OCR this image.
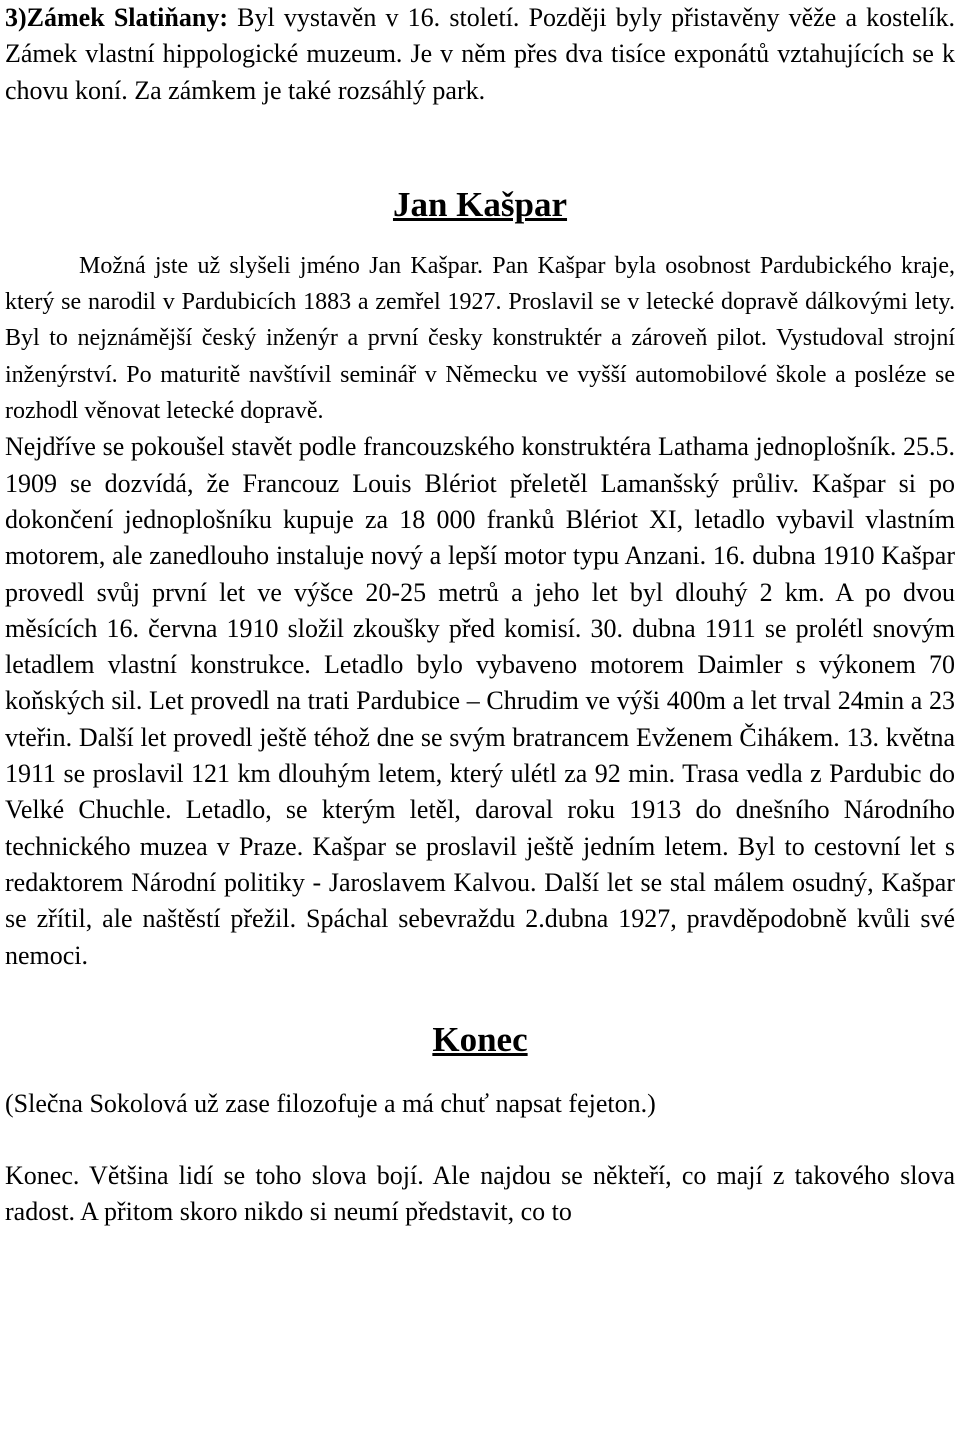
3)Zámek Slatiňany: Byl vystavěn v 16. století. Později byly přistavěny věže a kostelík. Zámek vlastní hippologické muzeum. Je v něm přes dva tisíce exponátů vztahujících se k chovu koní. Za zámkem je také rozsáhlý park.

Jan Kašpar

Možná jste už slyšeli jméno Jan Kašpar. Pan Kašpar byla osobnost Pardubického kraje, který se narodil v Pardubicích 1883 a zemřel 1927. Proslavil se v letecké dopravě dálkovými lety. Byl to nejznámější český inženýr a první česky konstruktér a zároveň pilot. Vystudoval strojní inženýrství. Po maturitě navštívil seminář v Německu ve vyšší automobilové škole a posléze se rozhodl věnovat letecké dopravě.

Nejdříve se pokoušel stavět podle francouzského konstruktéra Lathama jednoplošník. 25.5. 1909 se dozvídá, že Francouz Louis Blériot přeletěl Lamanšský průliv. Kašpar si po dokončení jednoplošníku kupuje za 18 000 franků Blériot XI, letadlo vybavil vlastním motorem, ale zanedlouho instaluje nový a lepší motor typu Anzani. 16. dubna 1910 Kašpar provedl svůj první let ve výšce 20-25 metrů a jeho let byl dlouhý 2 km. A po dvou měsících 16. června 1910 složil zkoušky před komisí. 30. dubna 1911 se prolétl snovým letadlem vlastní konstrukce. Letadlo bylo vybaveno motorem Daimler s výkonem 70 koňských sil. Let provedl na trati Pardubice – Chrudim ve výši 400m a let trval 24min a 23 vteřin. Další let provedl ještě téhož dne se svým bratrancem Evženem Čihákem. 13. května 1911 se proslavil 121 km dlouhým letem, který ulétl za 92 min. Trasa vedla z Pardubic do Velké Chuchle. Letadlo, se kterým letěl, daroval roku 1913 do dnešního Národního technického muzea v Praze. Kašpar se proslavil ještě jedním letem. Byl to cestovní let s redaktorem Národní politiky - Jaroslavem Kalvou. Další let se stal málem osudný, Kašpar se zřítil, ale naštěstí přežil. Spáchal sebevraždu 2.dubna 1927, pravděpodobně kvůli své nemoci.

Konec

(Slečna Sokolová už zase filozofuje a má chuť napsat fejeton.)

Konec. Většina lidí se toho slova bojí. Ale najdou se někteří, co mají z takového slova radost. A přitom skoro nikdo si neumí představit, co to
